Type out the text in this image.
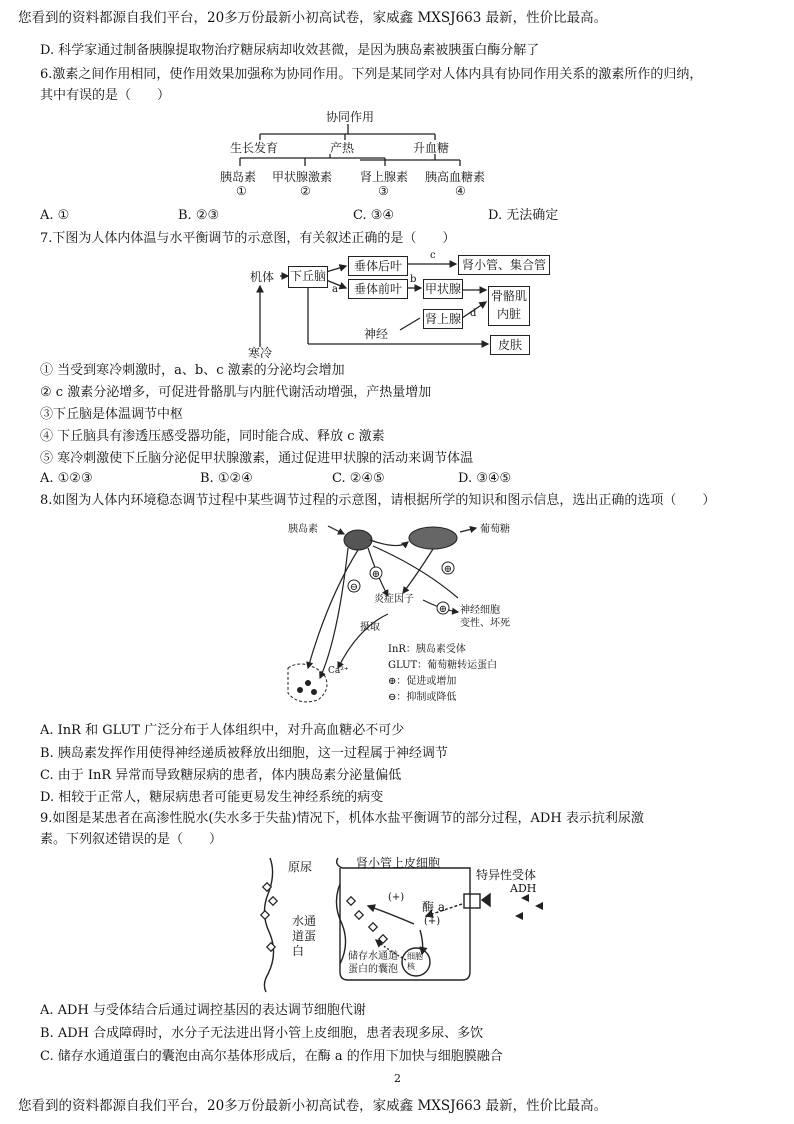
您看到的资料都源自我们平台，20多万份最新小初高试卷，家威鑫 MXSJ663 最新，性价比最高。
D. 科学家通过制备胰腺提取物治疗糖尿病却收效甚微，是因为胰岛素被胰蛋白酶分解了
6.激素之间作用相同，使作用效果加强称为协同作用。下列是某同学对人体内具有协同作用关系的激素所作的归纳，
其中有误的是（　　）
协同作用
生长发育	产热	升血糖
胰岛素 甲状腺激素 肾上腺素 胰高血糖素
①	②	③	④
A. ①	B. ②③	C. ③④	D. 无法确定
7.下图为人体内体温与水平衡调节的示意图，有关叙述正确的是（　　）
机体 下丘脑
垂体后叶
垂体前叶
肾小管、集合管
甲状腺
肾上腺
骨骼肌
内脏
神经
皮肤
寒冷
a
b
c
d
① 当受到寒冷刺激时，a、b、c 激素的分泌均会增加
② c 激素分泌增多，可促进骨骼肌与内脏代谢活动增强，产热量增加
③下丘脑是体温调节中枢
④ 下丘脑具有渗透压感受器功能，同时能合成、释放 c 激素
⑤ 寒冷刺激使下丘脑分泌促甲状腺激素，通过促进甲状腺的活动来调节体温
A. ①②③	B. ①②④	C. ②④⑤	D. ③④⑤
8.如图为人体内环境稳态调节过程中某些调节过程的示意图，请根据所学的知识和图示信息，选出正确的选项（　　）
⊖
⊕	⊕
⊕
胰岛素	葡萄糖
炎症因子
神经细胞
变性、坏死
摄取
InR：胰岛素受体
GLUT：葡萄糖转运蛋白
⊕：促进或增加
⊖：抑制或降低
Ca²⁺
A. InR 和 GLUT 广泛分布于人体组织中，对升高血糖必不可少
B. 胰岛素发挥作用使得神经递质被释放出细胞，这一过程属于神经调节
C. 由于 InR 异常而导致糖尿病的患者，体内胰岛素分泌量偏低
D. 相较于正常人，糖尿病患者可能更易发生神经系统的病变
9.如图是某患者在高渗性脱水(失水多于失盐)情况下，机体水盐平衡调节的部分过程，ADH 表示抗利尿激
素。下列叙述错误的是（　　）
原尿	肾小管上皮细胞
特异性受体
ADH
酶 a
(+)
(+)
水通
道蛋
白	储存水通道
蛋白的囊泡
细胞
核
A. ADH 与受体结合后通过调控基因的表达调节细胞代谢
B. ADH 合成障碍时，水分子无法进出肾小管上皮细胞，患者表现多尿、多饮
C. 储存水通道蛋白的囊泡由高尔基体形成后，在酶 a 的作用下加快与细胞膜融合
2
您看到的资料都源自我们平台，20多万份最新小初高试卷，家威鑫 MXSJ663 最新，性价比最高。
